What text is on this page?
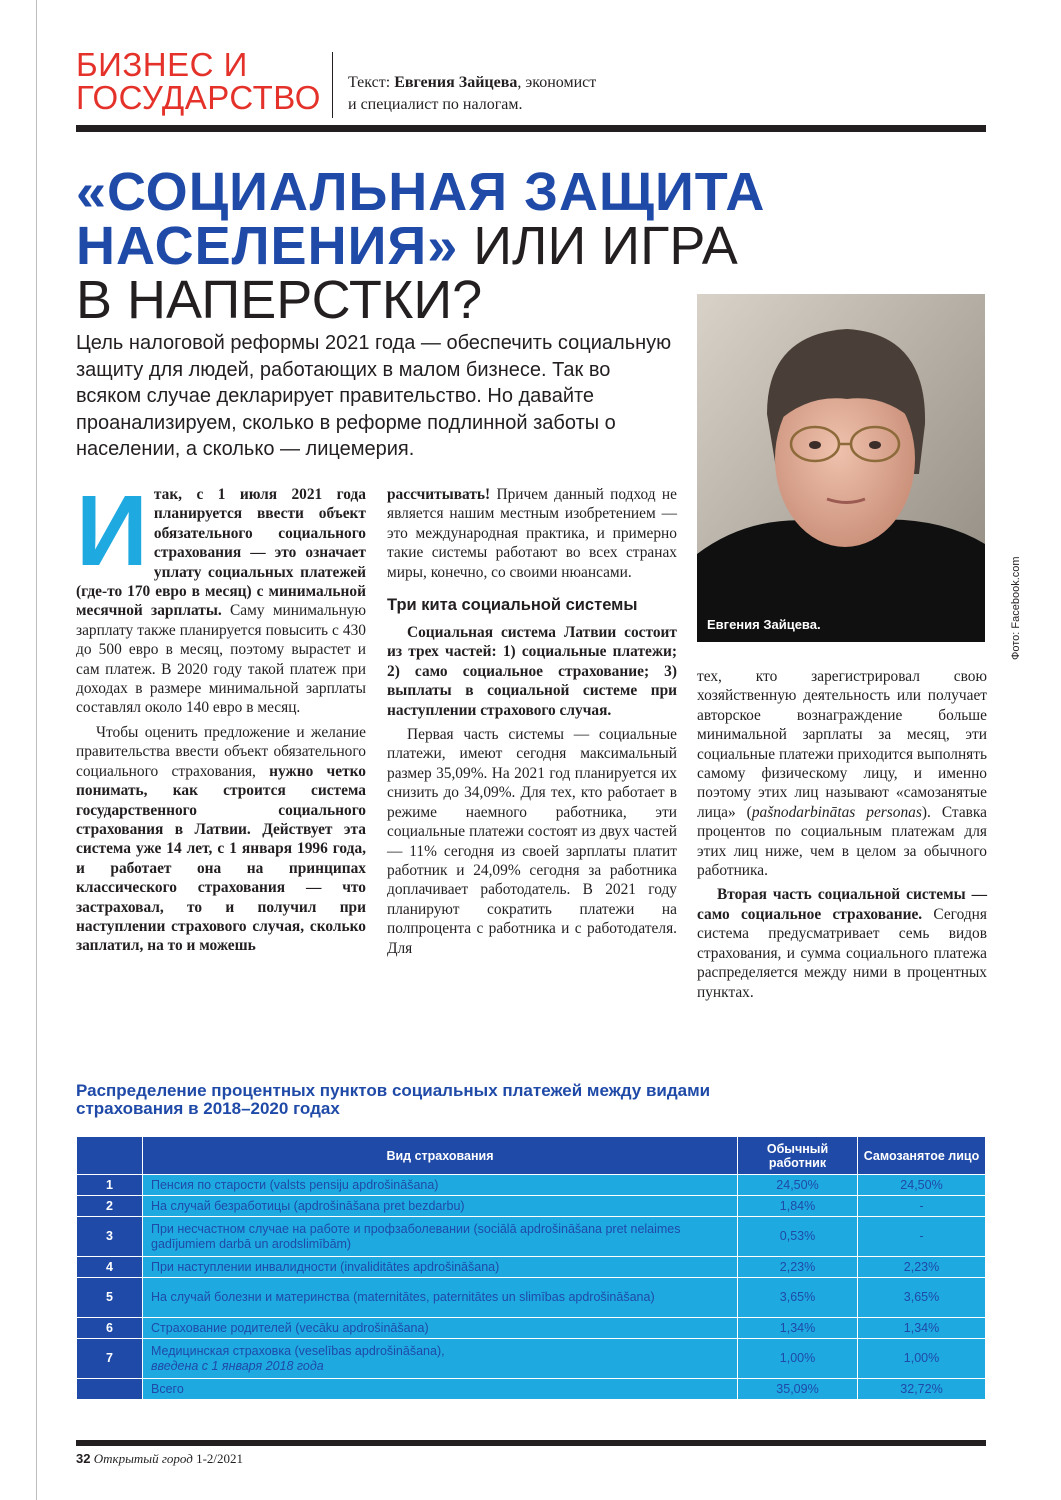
БИЗНЕС И
ГОСУДАРСТВО	Текст: Евгения Зайцева, экономист
и специалист по налогам.
«СОЦИАЛЬНАЯ ЗАЩИТА
НАСЕЛЕНИЯ» ИЛИ ИГРА
В НАПЕРСТКИ?
Цель налоговой реформы 2021 года — обеспечить социальную защиту для людей, работающих в малом бизнесе. Так во всяком случае декларирует правительство. Но давайте проанализируем, сколько в реформе подлинной заботы о населении, а сколько — лицемерия.
Евгения Зайцева.	Фото: Facebook.com

Итак, с 1 июля 2021 года планируется ввести объект обязательного социального страхования — это означает уплату социальных платежей (где-то 170 евро в месяц) с минимальной месячной зарплаты. Саму минимальную зарплату также планируется повысить с 430 до 500 евро в месяц, поэтому вырастет и сам платеж. В 2020 году такой платеж при доходах в размере минимальной зарплаты составлял около 140 евро в месяц.

Чтобы оценить предложение и желание правительства ввести объект обязательного социального страхования, нужно четко понимать, как строится система государственного социального страхования в Латвии. Действует эта система уже 14 лет, с 1 января 1996 года, и работает она на принципах классического страхования — что застраховал, то и получил при наступлении страхового случая, сколько заплатил, на то и можешь

рассчитывать! Причем данный подход не является нашим местным изобретением — это международная практика, и примерно такие системы работают во всех странах миры, конечно, со своими нюансами.

Три кита социальной системы

Социальная система Латвии состоит из трех частей: 1) социальные платежи; 2) само социальное страхование; 3) выплаты в социальной системе при наступлении страхового случая.

Первая часть системы — социальные платежи, имеют сегодня максимальный размер 35,09%. На 2021 год планируется их снизить до 34,09%. Для тех, кто работает в режиме наемного работника, эти социальные платежи состоят из двух частей — 11% сегодня из своей зарплаты платит работник и 24,09% сегодня за работника доплачивает работодатель. В 2021 году планируют сократить платежи на полпроцента с работника и с работодателя. Для

тех, кто зарегистрировал свою хозяйственную деятельность или получает авторское вознаграждение больше минимальной зарплаты за месяц, эти социальные платежи приходится выполнять самому физическому лицу, и именно поэтому этих лиц называют «самозанятые лица» (pašnodarbinātas personas). Ставка процентов по социальным платежам для этих лиц ниже, чем в целом за обычного работника.

Вторая часть социальной системы — само социальное страхование. Сегодня система предусматривает семь видов страхования, и сумма социального платежа распределяется между ними в процентных пунктах.

Распределение процентных пунктов социальных платежей между видами страхования в 2018–2020 годах
	Вид страхования	Обычный работник	Самозанятое лицо
1	Пенсия по старости (valsts pensiju apdrošināšana)	24,50%	24,50%
2	На случай безработицы (apdrošināšana pret bezdarbu)	1,84%	-
3	При несчастном случае на работе и профзаболевании (sociālā apdrošināšana pret nelaimes gadījumiem darbā un arodslimībām)	0,53%	-
4	При наступлении инвалидности (invaliditātes apdrošināšana)	2,23%	2,23%
5	На случай болезни и материнства (maternitātes, paternitātes un slimības apdrošināšana)	3,65%	3,65%
6	Страхование родителей (vecāku apdrošināšana)	1,34%	1,34%
7	Медицинская страховка (veselības apdrošināšana),
введена с 1 января 2018 года	1,00%	1,00%
	Всего	35,09%	32,72%
32 Открытый город 1-2/2021
